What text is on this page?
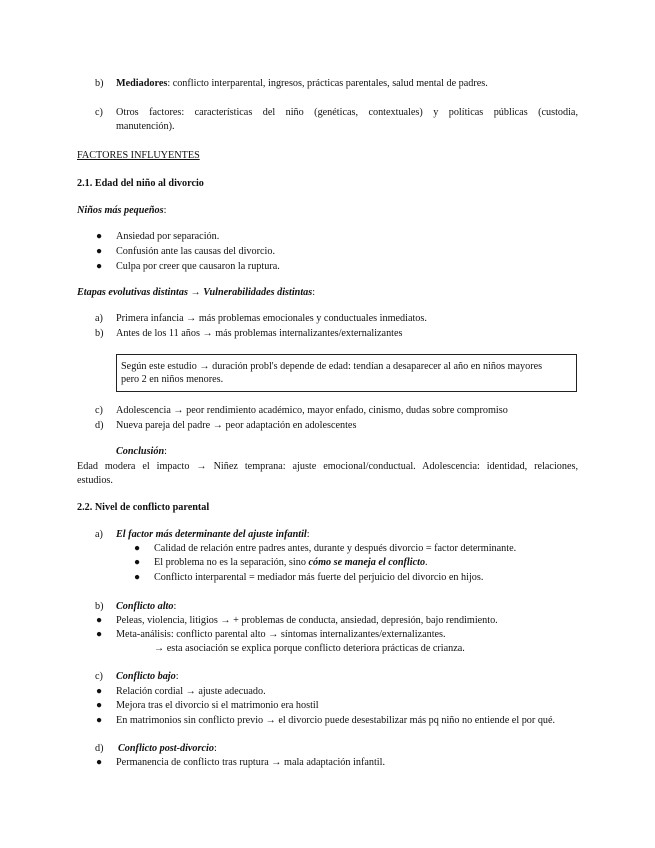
b) Mediadores: conflicto interparental, ingresos, prácticas parentales, salud mental de padres.
c) Otros factores: características del niño (genéticas, contextuales) y políticas públicas (custodia,
manutención).
FACTORES INFLUYENTES
2.1. Edad del niño al divorcio
Niños más pequeños:
● Ansiedad por separación.
● Confusión ante las causas del divorcio.
● Culpa por creer que causaron la ruptura.
Etapas evolutivas distintas → Vulnerabilidades distintas:
a) Primera infancia → más problemas emocionales y conductuales inmediatos.
b) Antes de los 11 años → más problemas internalizantes/externalizantes
Según este estudio → duración probl's depende de edad: tendían a desaparecer al año en niños mayores
pero 2 en niños menores.
c) Adolescencia → peor rendimiento académico, mayor enfado, cinismo, dudas sobre compromiso
d) Nueva pareja del padre → peor adaptación en adolescentes
Conclusión:
Edad modera el impacto → Niñez temprana: ajuste emocional/conductual. Adolescencia: identidad, relaciones,
estudios.
2.2. Nivel de conflicto parental
a) El factor más determinante del ajuste infantil:
● Calidad de relación entre padres antes, durante y después divorcio = factor determinante.
● El problema no es la separación, sino cómo se maneja el conflicto.
● Conflicto interparental = mediador más fuerte del perjuicio del divorcio en hijos.
b) Conflicto alto:
● Peleas, violencia, litigios → + problemas de conducta, ansiedad, depresión, bajo rendimiento.
● Meta-análisis: conflicto parental alto → síntomas internalizantes/externalizantes.
→ esta asociación se explica porque conflicto deteriora prácticas de crianza.
c) Conflicto bajo:
● Relación cordial → ajuste adecuado.
● Mejora tras el divorcio si el matrimonio era hostil
● En matrimonios sin conflicto previo → el divorcio puede desestabilizar más pq niño no entiende el por qué.
d) Conflicto post-divorcio:
● Permanencia de conflicto tras ruptura → mala adaptación infantil.
